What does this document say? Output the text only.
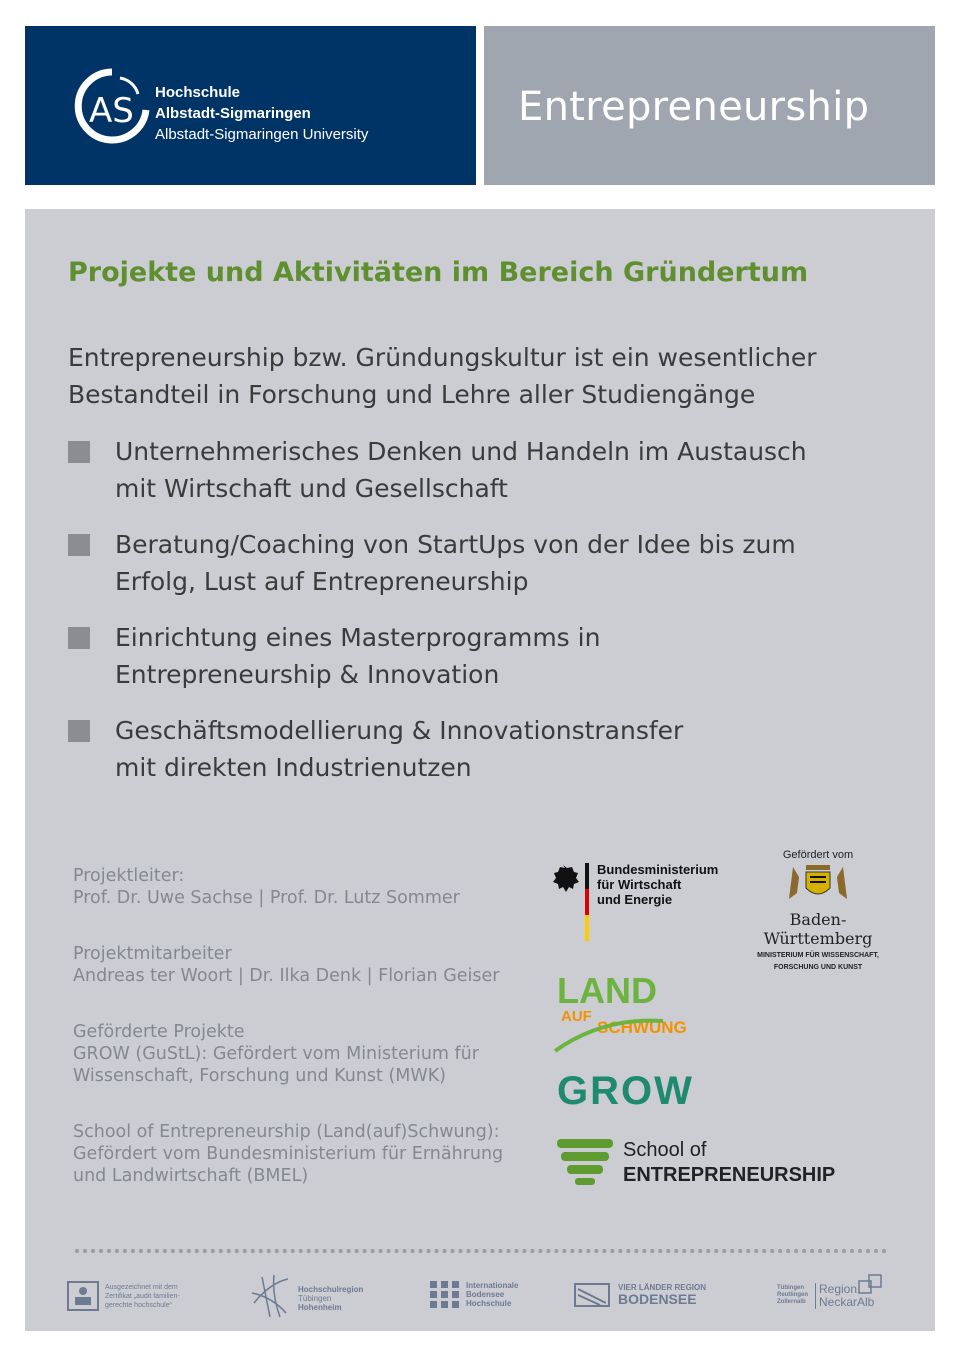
AS Hochschule
Albstadt-Sigmaringen
Albstadt-Sigmaringen University
Entrepreneurship
Projekte und Aktivitäten im Bereich Gründertum
Entrepreneurship bzw. Gründungskultur ist ein wesentlicher
Bestandteil in Forschung und Lehre aller Studiengänge
Unternehmerisches Denken und Handeln im Austausch
mit Wirtschaft und Gesellschaft
Beratung/Coaching von StartUps von der Idee bis zum
Erfolg, Lust auf Entrepreneurship
Einrichtung eines Masterprogramms in
Entrepreneurship & Innovation
Geschäftsmodellierung & Innovationstransfer
mit direkten Industrienutzen
Projektleiter:
Prof. Dr. Uwe Sachse | Prof. Dr. Lutz Sommer
Projektmitarbeiter
Andreas ter Woort | Dr. Ilka Denk | Florian Geiser
Geförderte Projekte
GROW (GuStL): Gefördert vom Ministerium für
Wissenschaft, Forschung und Kunst (MWK)
School of Entrepreneurship (Land(auf)Schwung):
Gefördert vom Bundesministerium für Ernährung
und Landwirtschaft (BMEL)
Bundesministerium
für Wirtschaft
und Energie
Gefördert vom
Baden-Württemberg
MINISTERIUM FÜR WISSENSCHAFT,
FORSCHUNG UND KUNST
LAND
AUF
SCHWUNG
GROW
School of
ENTREPRENEURSHIP
Ausgezeichnet mit dem
Zertifikat „audit familien-
gerechte hochschule“
Hochschulregion
Tübingen
Hohenheim
Internationale
Bodensee
Hochschule
VIER LÄNDER REGION
BODENSEE
Tübingen
Reutlingen
Zollernalb
Region
NeckarAlb
